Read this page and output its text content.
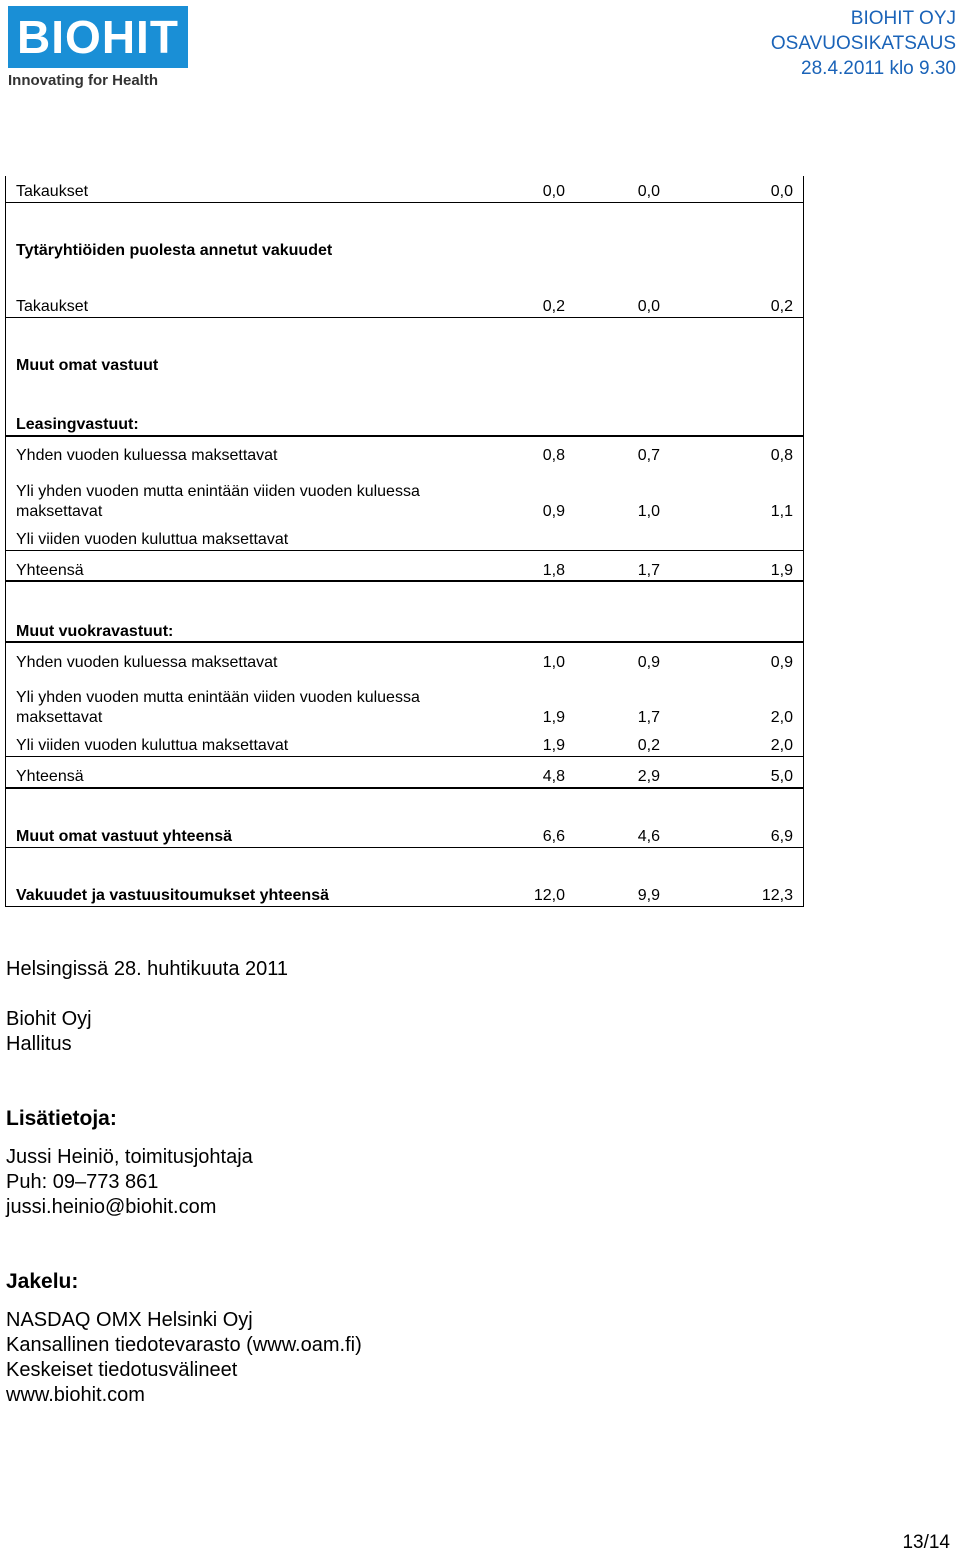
BIOHIT
Innovating for Health
BIOHIT OYJ
OSAVUOSIKATSAUS
28.4.2011 klo 9.30
Takaukset	0,0	0,0	0,0
Tytäryhtiöiden puolesta annetut vakuudet
Takaukset	0,2	0,0	0,2
Muut omat vastuut
Leasingvastuut:
Yhden vuoden kuluessa maksettavat	0,8	0,7	0,8
Yli yhden vuoden mutta enintään viiden vuoden kuluessa
maksettavat	0,9	1,0	1,1
Yli viiden vuoden kuluttua maksettavat
Yhteensä	1,8	1,7	1,9
Muut vuokravastuut:
Yhden vuoden kuluessa maksettavat	1,0	0,9	0,9
Yli yhden vuoden mutta enintään viiden vuoden kuluessa
maksettavat	1,9	1,7	2,0
Yli viiden vuoden kuluttua maksettavat	1,9	0,2	2,0
Yhteensä	4,8	2,9	5,0
Muut omat vastuut yhteensä	6,6	4,6	6,9
Vakuudet ja vastuusitoumukset yhteensä	12,0	9,9	12,3
Helsingissä 28. huhtikuuta 2011
Biohit Oyj
Hallitus
Lisätietoja:
Jussi Heiniö, toimitusjohtaja
Puh: 09–773 861
jussi.heinio@biohit.com
Jakelu:
NASDAQ OMX Helsinki Oyj
Kansallinen tiedotevarasto (www.oam.fi)
Keskeiset tiedotusvälineet
www.biohit.com
13/14
